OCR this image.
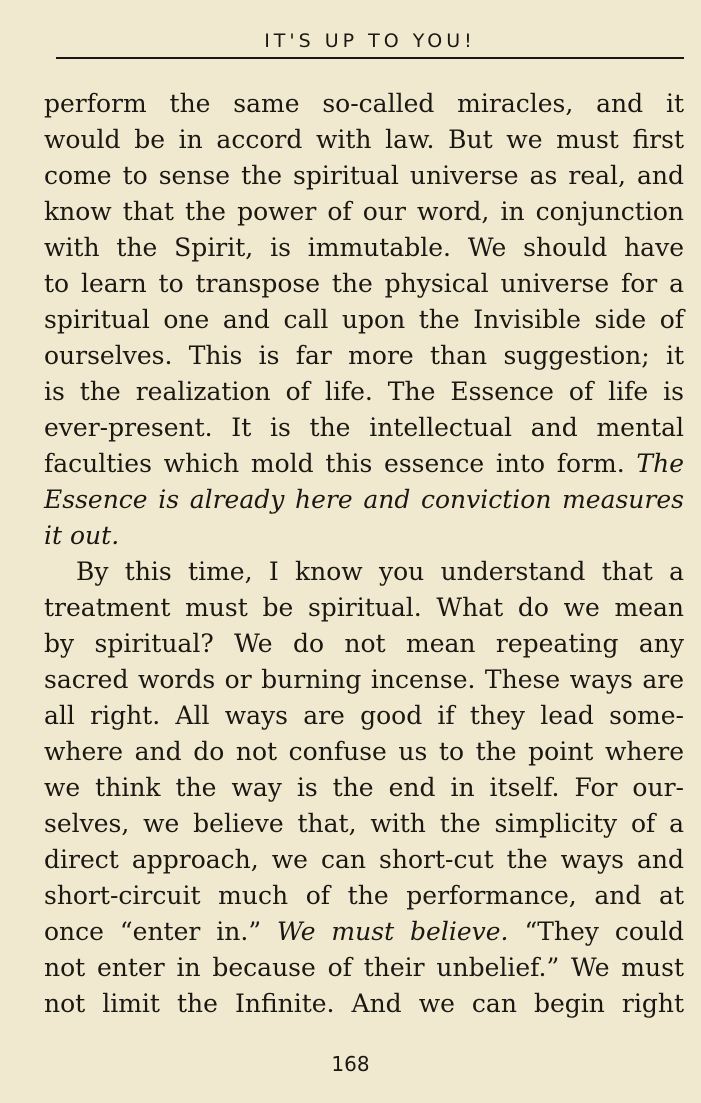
IT'S UP TO YOU!
perform the same so-called miracles, and it
would be in accord with law. But we must first
come to sense the spiritual universe as real, and
know that the power of our word, in conjunction
with the Spirit, is immutable. We should have
to learn to transpose the physical universe for a
spiritual one and call upon the Invisible side of
ourselves. This is far more than suggestion; it
is the realization of life. The Essence of life is
ever-present. It is the intellectual and mental
faculties which mold this essence into form. The
Essence is already here and conviction measures
it out.
By this time, I know you understand that a
treatment must be spiritual. What do we mean
by spiritual? We do not mean repeating any
sacred words or burning incense. These ways are
all right. All ways are good if they lead some-
where and do not confuse us to the point where
we think the way is the end in itself. For our-
selves, we believe that, with the simplicity of a
direct approach, we can short-cut the ways and
short-circuit much of the performance, and at
once “enter in.” We must believe. “They could
not enter in because of their unbelief.” We must
not limit the Infinite. And we can begin right
168
